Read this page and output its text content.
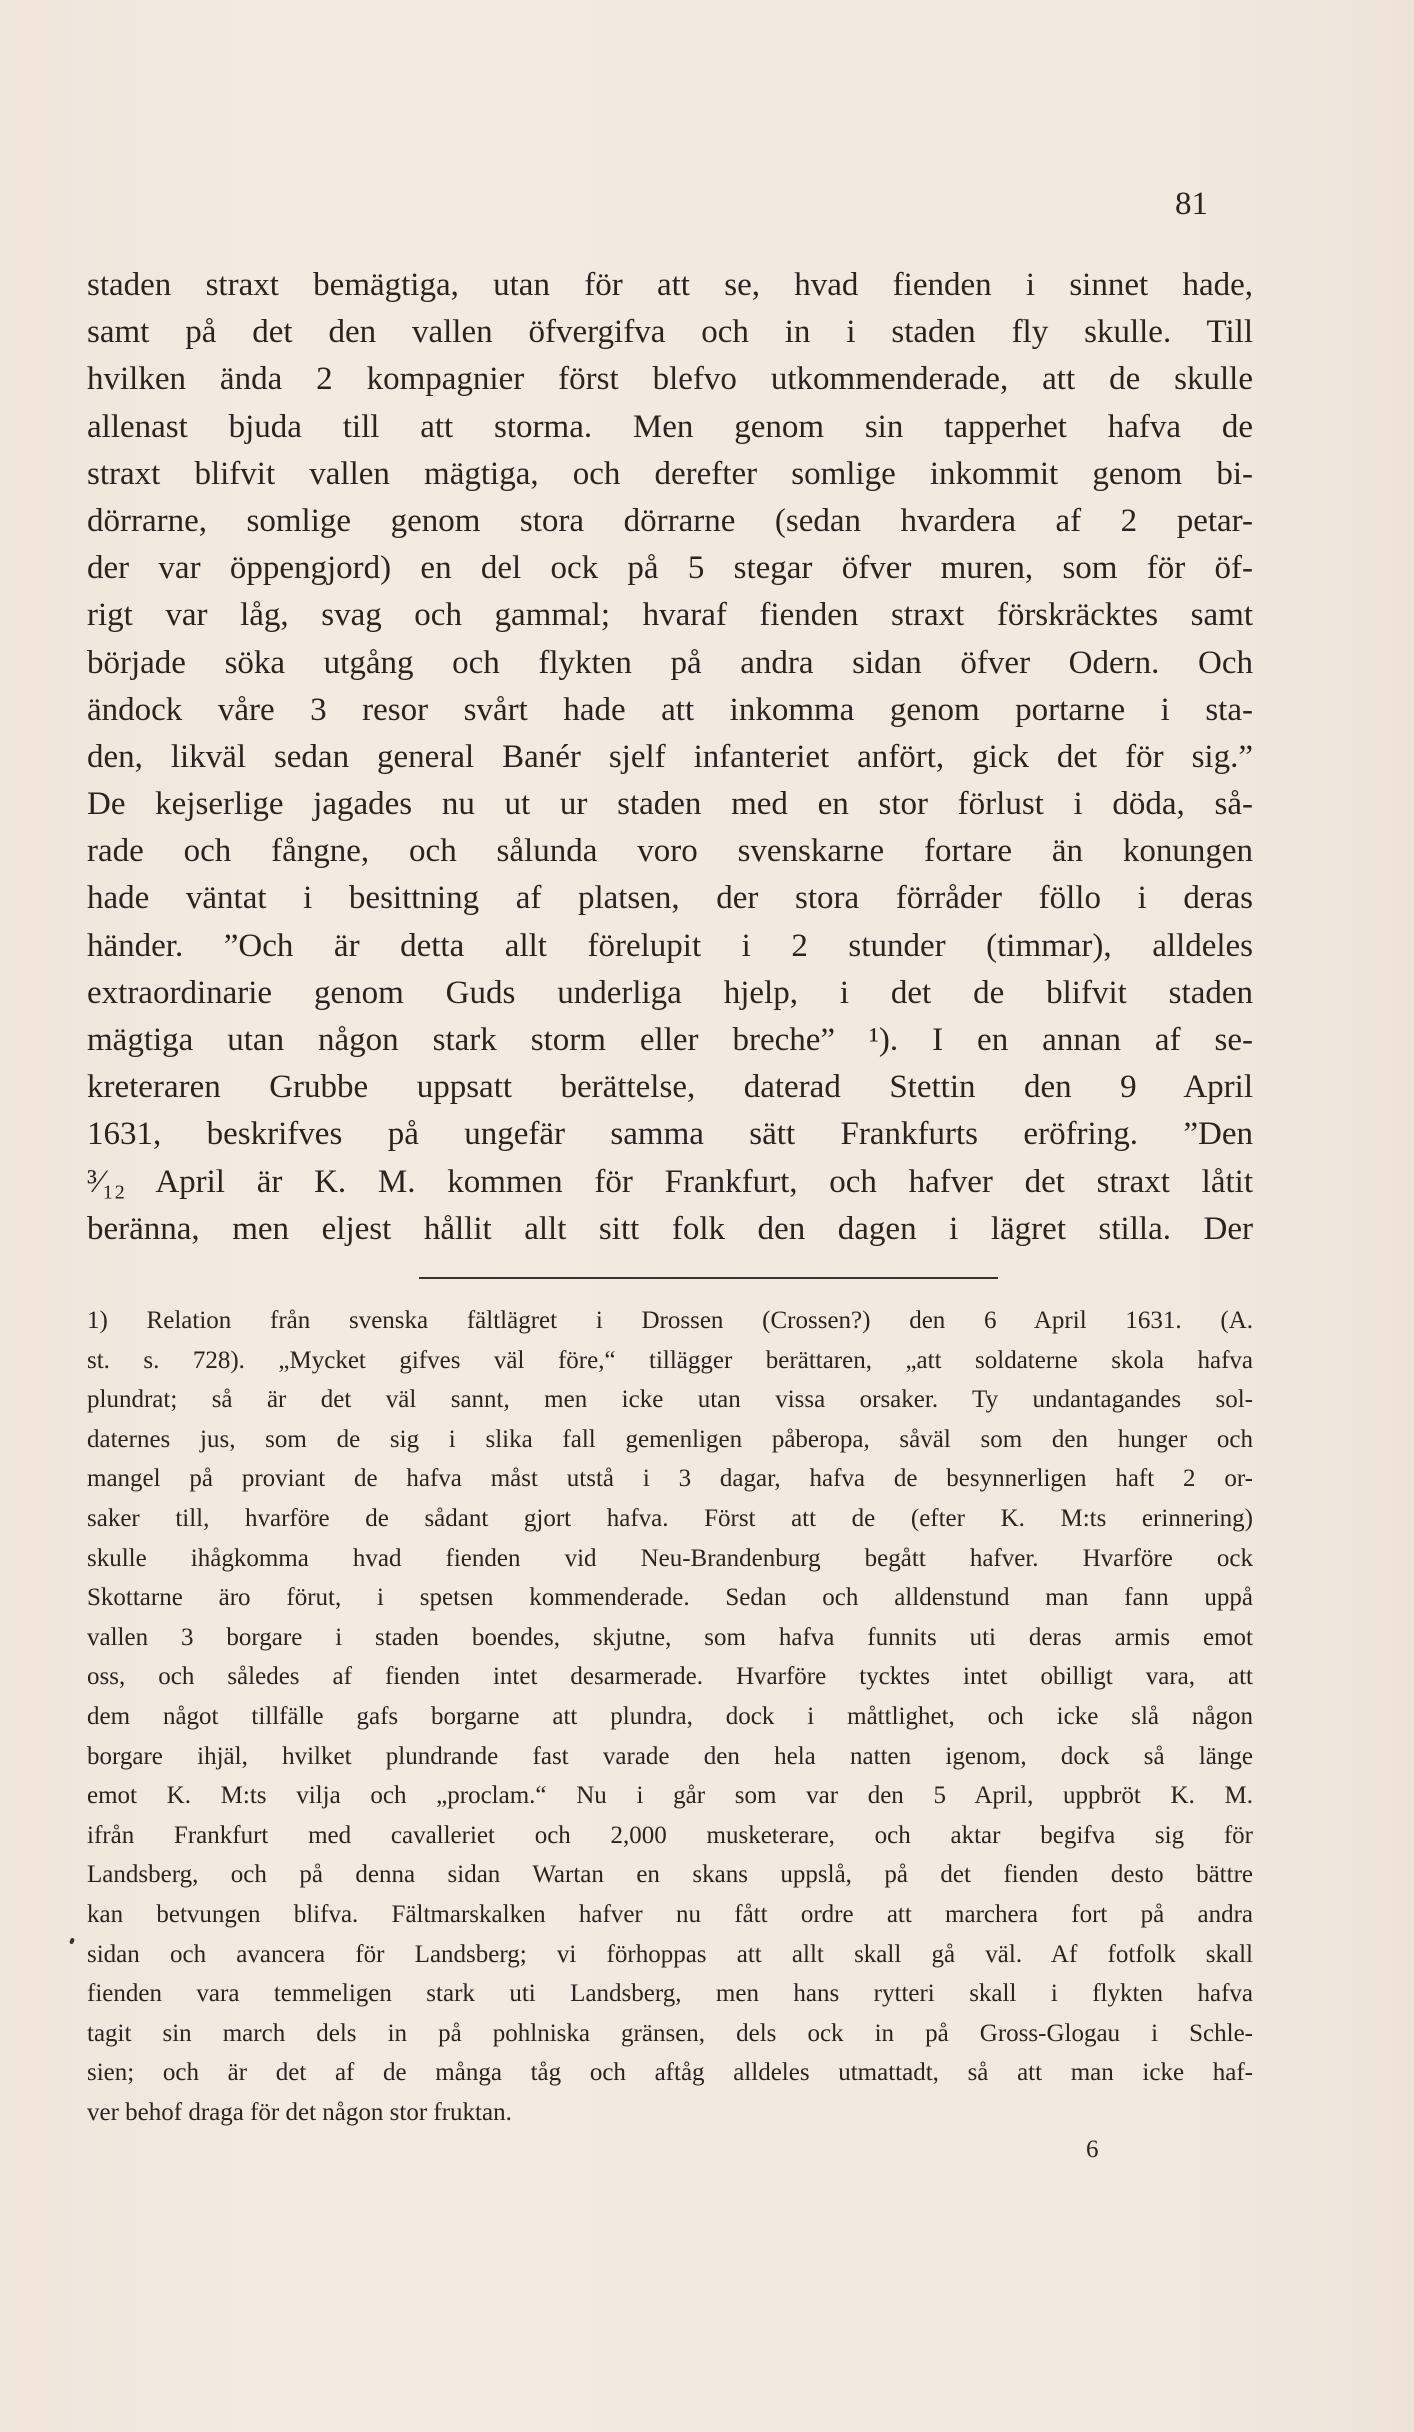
81
staden straxt bemägtiga, utan för att se, hvad fienden i sinnet hade,
samt på det den vallen öfvergifva och in i staden fly skulle. Till
hvilken ända 2 kompagnier först blefvo utkommenderade, att de skulle
allenast bjuda till att storma. Men genom sin tapperhet hafva de
straxt blifvit vallen mägtiga, och derefter somlige inkommit genom bi-
dörrarne, somlige genom stora dörrarne (sedan hvardera af 2 petar-
der var öppengjord) en del ock på 5 stegar öfver muren, som för öf-
rigt var låg, svag och gammal; hvaraf fienden straxt förskräcktes samt
började söka utgång och flykten på andra sidan öfver Odern. Och
ändock våre 3 resor svårt hade att inkomma genom portarne i sta-
den, likväl sedan general Banér sjelf infanteriet anfört, gick det för sig.”
De kejserlige jagades nu ut ur staden med en stor förlust i döda, så-
rade och fångne, och sålunda voro svenskarne fortare än konungen
hade väntat i besittning af platsen, der stora förråder föllo i deras
händer. ”Och är detta allt förelupit i 2 stunder (timmar), alldeles
extraordinarie genom Guds underliga hjelp, i det de blifvit staden
mägtiga utan någon stark storm eller breche” ¹). I en annan af se-
kreteraren Grubbe uppsatt berättelse, daterad Stettin den 9 April
1631, beskrifves på ungefär samma sätt Frankfurts eröfring. ”Den
³⁄₁₂ April är K. M. kommen för Frankfurt, och hafver det straxt låtit
beränna, men eljest hållit allt sitt folk den dagen i lägret stilla. Der
1) Relation från svenska fältlägret i Drossen (Crossen?) den 6 April 1631. (A.
st. s. 728). „Mycket gifves väl före,“ tillägger berättaren, „att soldaterne skola hafva
plundrat; så är det väl sannt, men icke utan vissa orsaker. Ty undantagandes sol-
daternes jus, som de sig i slika fall gemenligen påberopa, såväl som den hunger och
mangel på proviant de hafva måst utstå i 3 dagar, hafva de besynnerligen haft 2 or-
saker till, hvarföre de sådant gjort hafva. Först att de (efter K. M:ts erinnering)
skulle ihågkomma hvad fienden vid Neu-Brandenburg begått hafver. Hvarföre ock
Skottarne äro förut, i spetsen kommenderade. Sedan och alldenstund man fann uppå
vallen 3 borgare i staden boendes, skjutne, som hafva funnits uti deras armis emot
oss, och således af fienden intet desarmerade. Hvarföre tycktes intet obilligt vara, att
dem något tillfälle gafs borgarne att plundra, dock i måttlighet, och icke slå någon
borgare ihjäl, hvilket plundrande fast varade den hela natten igenom, dock så länge
emot K. M:ts vilja och „proclam.“ Nu i går som var den 5 April, uppbröt K. M.
ifrån Frankfurt med cavalleriet och 2,000 musketerare, och aktar begifva sig för
Landsberg, och på denna sidan Wartan en skans uppslå, på det fienden desto bättre
kan betvungen blifva. Fältmarskalken hafver nu fått ordre att marchera fort på andra
sidan och avancera för Landsberg; vi förhoppas att allt skall gå väl. Af fotfolk skall
fienden vara temmeligen stark uti Landsberg, men hans rytteri skall i flykten hafva
tagit sin march dels in på pohlniska gränsen, dels ock in på Gross-Glogau i Schle-
sien; och är det af de många tåg och aftåg alldeles utmattadt, så att man icke haf-
ver behof draga för det någon stor fruktan.
6
